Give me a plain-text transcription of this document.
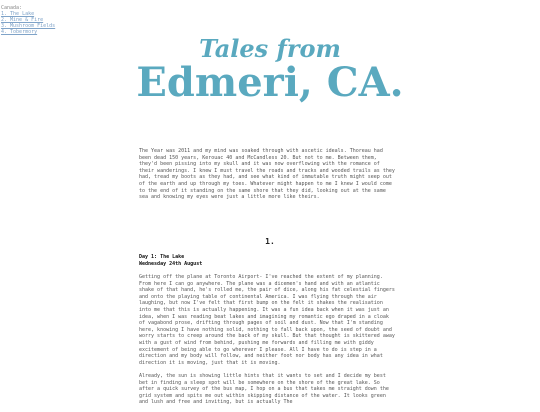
Canada:
1. The Lake
2. Mine & Fire
3. Mushroom Fields
4. Tobermory
Tales from
Edmeri, CA.
The Year was 2011 and my mind was soaked through with ascetic ideals. Thoreau had been dead 150 years, Kerouac 40 and McCandless 20. But not to me. Between them, they'd been pissing into my skull and it was now overflowing with the romance of their wanderings. I knew I must travel the roads and tracks and wooded trails as they had, tread my boots as they had, and see what kind of immutable truth might seep out of the earth and up through my toes. Whatever might happen to me I knew I would come to the end of it standing on the same shore that they did, looking out at the same sea and knowing my eyes were just a little more like theirs.
1.
Day 1: The Lake
Wednesday 24th August

Getting off the plane at Toronto Airport- I've reached the extent of my planning. From here I can go anywhere. The plane was a dicemen's hand and with an atlantic shake of that hand, he's rolled me, the pair of dice, along his fat celestial fingers and onto the playing table of continental America. I was flying through the air laughing, but now I've felt that first bump on the felt it shakes the realisation into me that this is actually happening. It was a fun idea back when it was just an idea, when I was reading beat lakes and imagining my romantic ego draped in a cloak of vagabond prose, drifting through pages of soil and dust. Now that I'm standing here, knowing I have nothing solid, nothing to fall back upon, the seed of doubt and worry starts to creep around the back of my skull. But that thought is skittered away with a gust of wind from behind, pushing me forwards and filling me with giddy excitement of being able to go wherever I please. All I have to do is step in a direction and my body will follow, and neither foot nor body has any idea in what direction it is moving, just that it is moving.

Already, the sun is showing little hints that it wants to set and I decide my best bet in finding a sleep spot will be somewhere on the shore of the great lake. So after a quick survey of the bus map, I hop on a bus that takes me straight down the grid system and spits me out within skipping distance of the water. It looks green and lush and free and inviting, but is actually The
